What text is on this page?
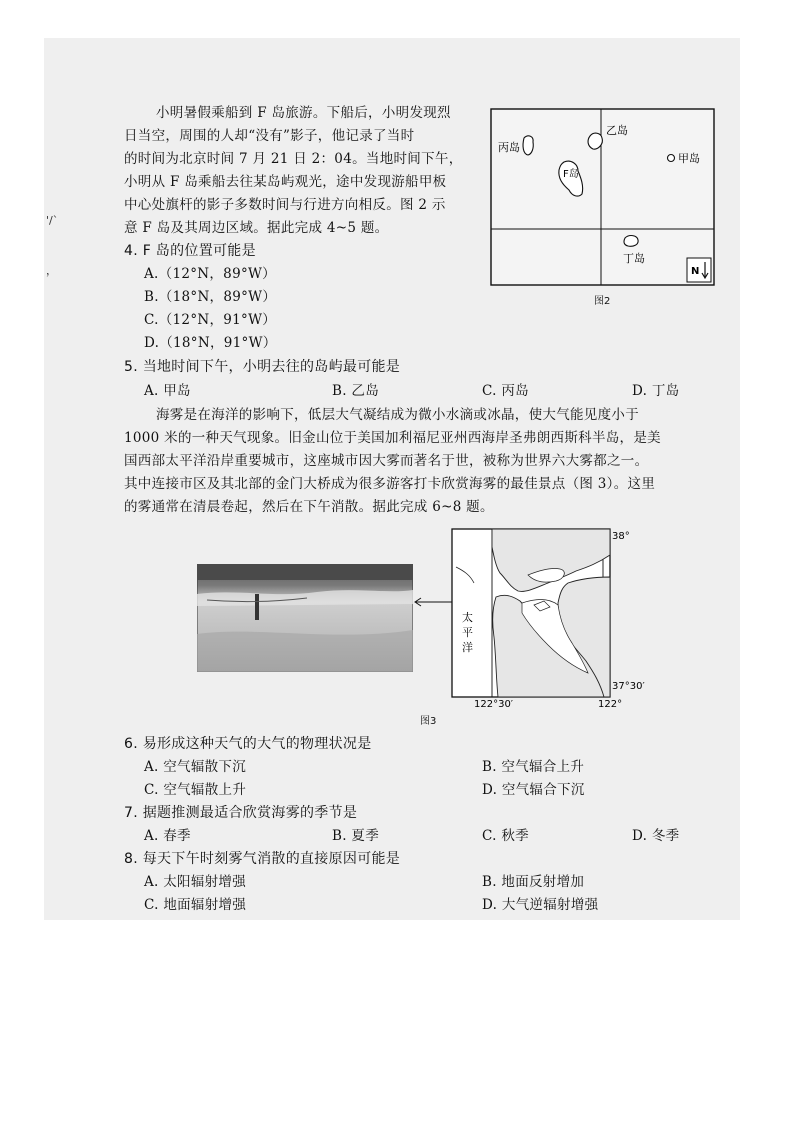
'/`
，
小明暑假乘船到 F 岛旅游。下船后，小明发现烈
日当空，周围的人却“没有”影子，他记录了当时
的时间为北京时间 7 月 21 日 2：04。当地时间下午，
小明从 F 岛乘船去往某岛屿观光，途中发现游船甲板
中心处旗杆的影子多数时间与行进方向相反。图 2 示
意 F 岛及其周边区域。据此完成 4~5 题。
丙岛
乙岛
甲岛
F岛
丁岛
N
图2
4. F 岛的位置可能是
A.（12°N，89°W）
B.（18°N，89°W）
C.（12°N，91°W）
D.（18°N，91°W）
5. 当地时间下午，小明去往的岛屿最可能是
A. 甲岛	B. 乙岛	C. 丙岛	D. 丁岛
海雾是在海洋的影响下，低层大气凝结成为微小水滴或冰晶，使大气能见度小于
1000 米的一种天气现象。旧金山位于美国加利福尼亚州西海岸圣弗朗西斯科半岛，是美
国西部太平洋沿岸重要城市，这座城市因大雾而著名于世，被称为世界六大雾都之一。
其中连接市区及其北部的金门大桥成为很多游客打卡欣赏海雾的最佳景点（图 3）。这里
的雾通常在清晨卷起，然后在下午消散。据此完成 6~8 题。
38°
37°30′
122°30′	122°
太
平
洋
图3
6. 易形成这种天气的大气的物理状况是
A. 空气辐散下沉	B. 空气辐合上升
C. 空气辐散上升	D. 空气辐合下沉
7. 据题推测最适合欣赏海雾的季节是
A. 春季	B. 夏季	C. 秋季	D. 冬季
8. 每天下午时刻雾气消散的直接原因可能是
A. 太阳辐射增强	B. 地面反射增加
C. 地面辐射增强	D. 大气逆辐射增强
